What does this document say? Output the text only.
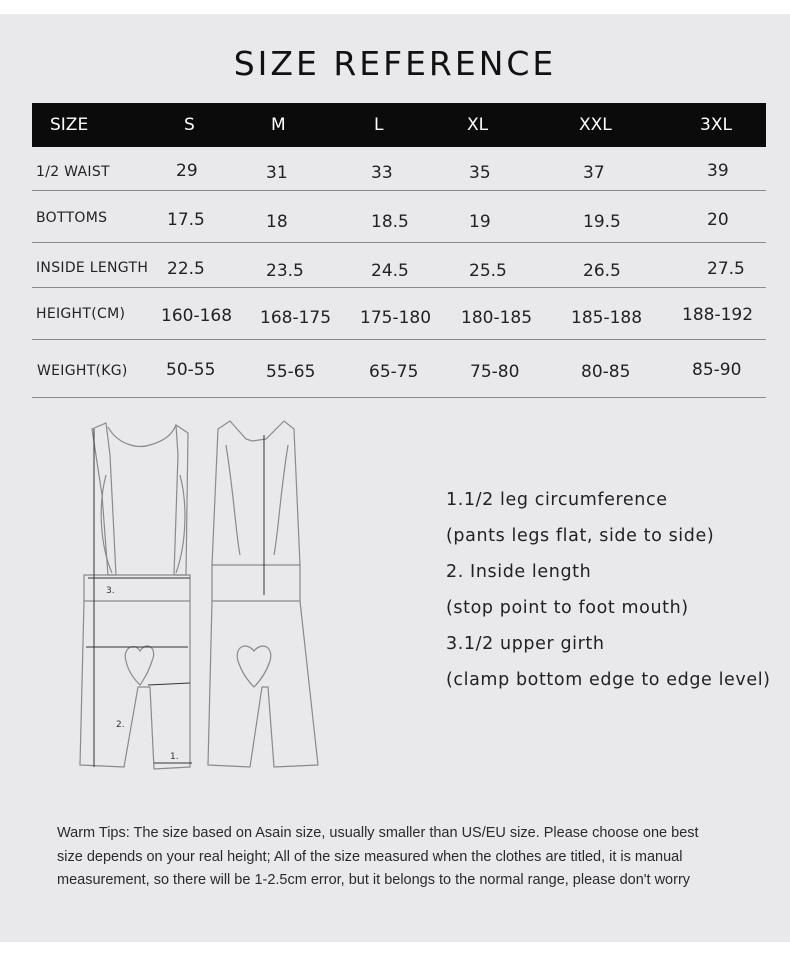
SIZE REFERENCE
SIZE	S	M	L	XL	XXL	3XL
1/2 WAIST	29	31	33	35	37	39
BOTTOMS	17.5	18	18.5	19	19.5	20
INSIDE LENGTH 22.5	23.5	24.5	25.5	26.5	27.5
HEIGHT(CM) 160-168 168-175 175-180 180-185 185-188 188-192
WEIGHT(KG) 50-55	55-65	65-75	75-80	80-85	85-90
3.
2.
1.
1.1/2 leg circumference
(pants legs flat, side to side)
2. Inside length
(stop point to foot mouth)
3.1/2 upper girth
(clamp bottom edge to edge level)
Warm Tips: The size based on Asain size, usually smaller than US/EU size. Please choose one best
size depends on your real height; All of the size measured when the clothes are titled, it is manual
measurement, so there will be 1-2.5cm error, but it belongs to the normal range, please don't worry
